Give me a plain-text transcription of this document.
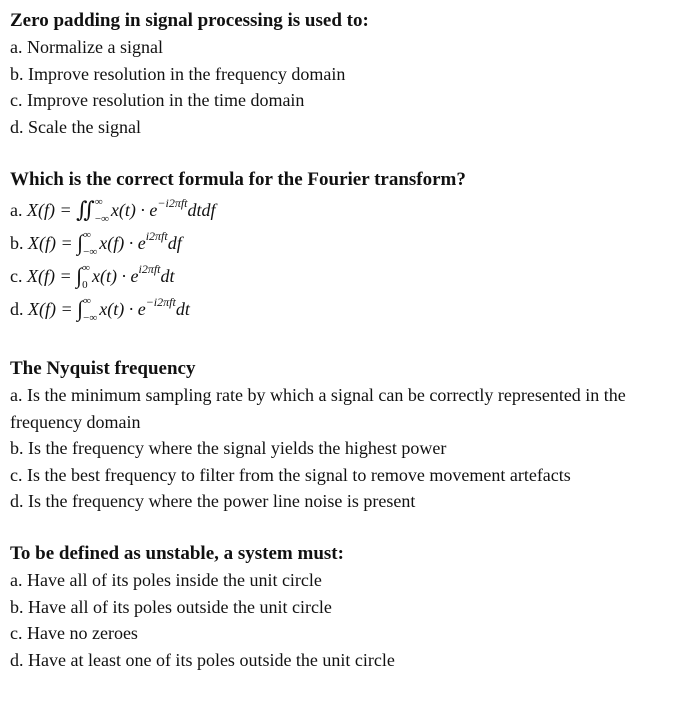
Zero padding in signal processing is used to:
a. Normalize a signal
b. Improve resolution in the frequency domain
c. Improve resolution in the time domain
d. Scale the signal
Which is the correct formula for the Fourier transform?
a. X(f) = ∬ ∞
−∞ $x(t) \cdot e^{-i2\pi ft}dtdf$
b. X(f) = ∫ ∞
−∞ $x(f) \cdot e^{i2\pi ft}df$
c. X(f) = ∫ ∞
0 $x(t) \cdot e^{i2\pi ft}dt$
d. X(f) = ∫ ∞
−∞ $x(t) \cdot e^{-i2\pi ft}dt$
The Nyquist frequency
a. Is the minimum sampling rate by which a signal can be correctly represented in the frequency domain
b. Is the frequency where the signal yields the highest power
c. Is the best frequency to filter from the signal to remove movement artefacts
d. Is the frequency where the power line noise is present
To be defined as unstable, a system must:
a. Have all of its poles inside the unit circle
b. Have all of its poles outside the unit circle
c. Have no zeroes
d. Have at least one of its poles outside the unit circle
